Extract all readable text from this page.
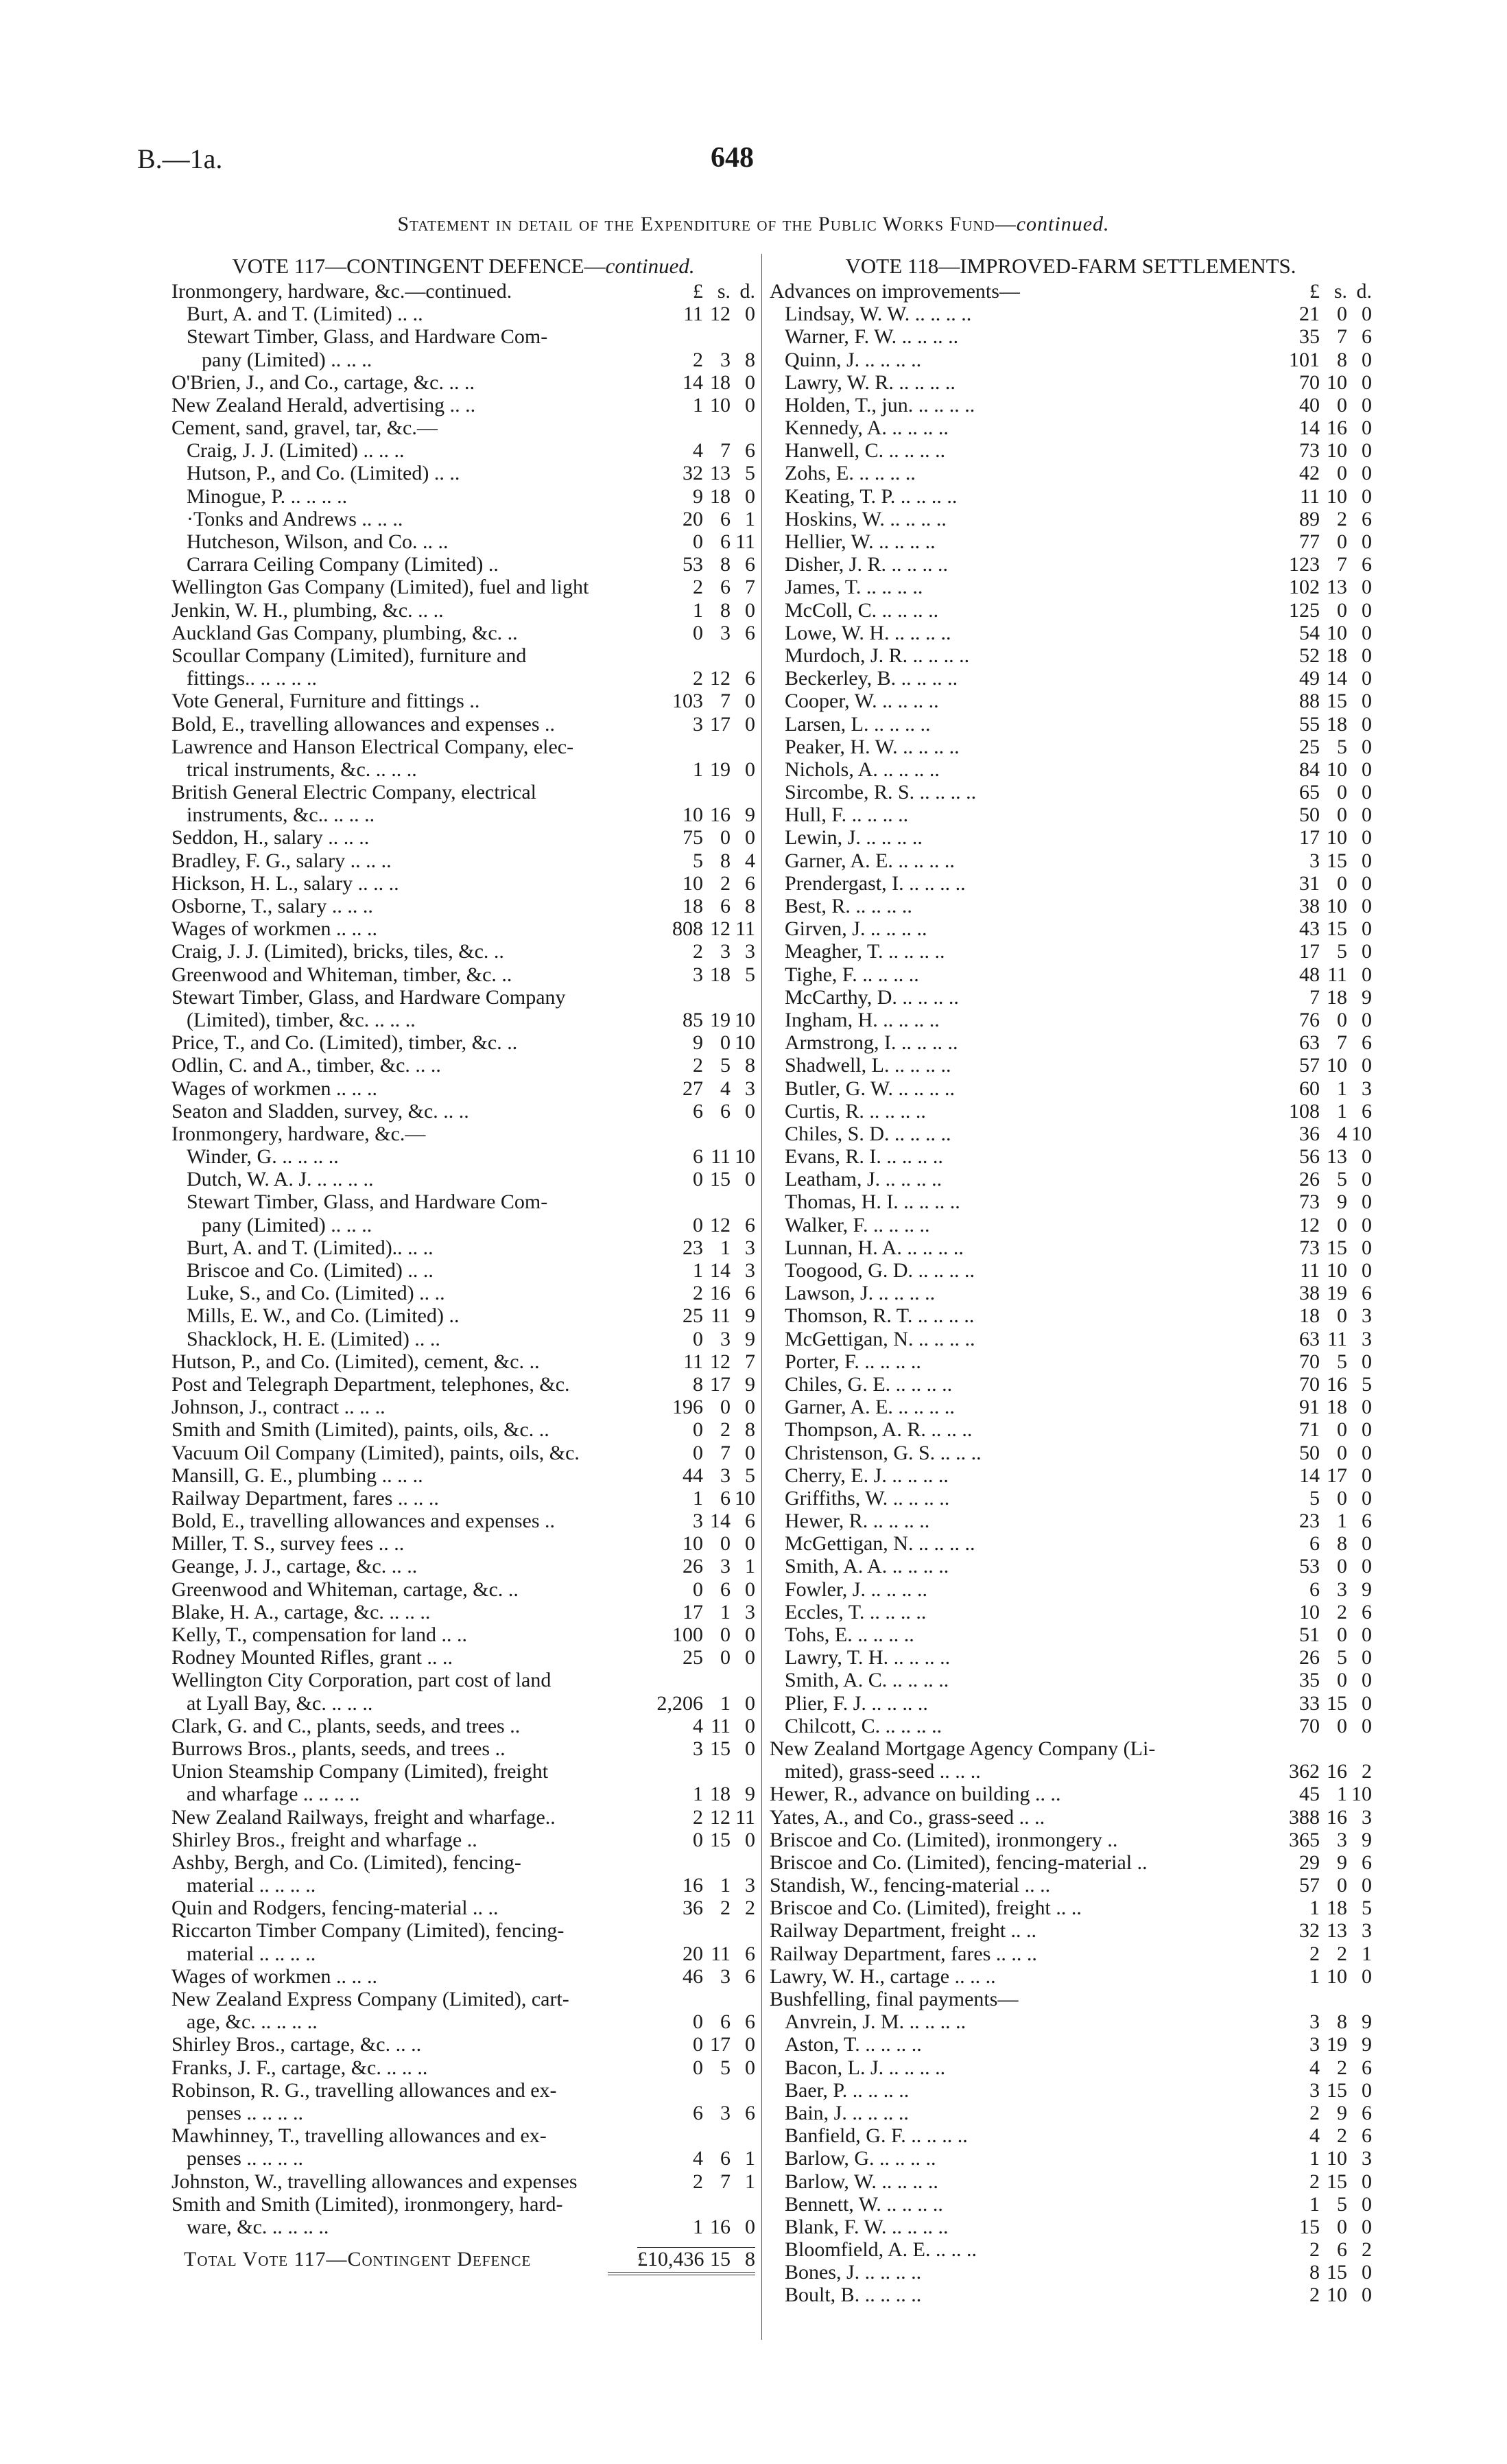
B.—1a.	648
Statement in detail of the Expenditure of the Public Works Fund—continued.
VOTE 117—CONTINGENT DEFENCE—continued.
Ironmongery, hardware, &c.—continued.	£ s. d.
Burt, A. and T. (Limited) .. ..	11 12 0
Stewart Timber, Glass, and Hardware Com-
pany (Limited) .. .. ..	2 3 8
O'Brien, J., and Co., cartage, &c. .. ..	14 18 0
New Zealand Herald, advertising .. ..	1 10 0
Cement, sand, gravel, tar, &c.—
Craig, J. J. (Limited) .. .. ..	4 7 6
Hutson, P., and Co. (Limited) .. ..	32 13 5
Minogue, P. .. .. .. ..	9 18 0
·Tonks and Andrews .. .. ..	20 6 1
Hutcheson, Wilson, and Co. .. ..	0 6 11
Carrara Ceiling Company (Limited) ..	53 8 6
Wellington Gas Company (Limited), fuel and light	2 6 7
Jenkin, W. H., plumbing, &c. .. ..	1 8 0
Auckland Gas Company, plumbing, &c. ..	0 3 6
Scoullar Company (Limited), furniture and
fittings.. .. .. .. ..	2 12 6
Vote General, Furniture and fittings ..	103 7 0
Bold, E., travelling allowances and expenses ..	3 17 0
Lawrence and Hanson Electrical Company, elec-
trical instruments, &c. .. .. ..	1 19 0
British General Electric Company, electrical
instruments, &c.. .. .. ..	10 16 9
Seddon, H., salary .. .. ..	75 0 0
Bradley, F. G., salary .. .. ..	5 8 4
Hickson, H. L., salary .. .. ..	10 2 6
Osborne, T., salary .. .. ..	18 6 8
Wages of workmen .. .. ..	808 12 11
Craig, J. J. (Limited), bricks, tiles, &c. ..	2 3 3
Greenwood and Whiteman, timber, &c. ..	3 18 5
Stewart Timber, Glass, and Hardware Company
(Limited), timber, &c. .. .. ..	85 19 10
Price, T., and Co. (Limited), timber, &c. ..	9 0 10
Odlin, C. and A., timber, &c. .. ..	2 5 8
Wages of workmen .. .. ..	27 4 3
Seaton and Sladden, survey, &c. .. ..	6 6 0
Ironmongery, hardware, &c.—
Winder, G. .. .. .. ..	6 11 10
Dutch, W. A. J. .. .. .. ..	0 15 0
Stewart Timber, Glass, and Hardware Com-
pany (Limited) .. .. ..	0 12 6
Burt, A. and T. (Limited).. .. ..	23 1 3
Briscoe and Co. (Limited) .. ..	1 14 3
Luke, S., and Co. (Limited) .. ..	2 16 6
Mills, E. W., and Co. (Limited) ..	25 11 9
Shacklock, H. E. (Limited) .. ..	0 3 9
Hutson, P., and Co. (Limited), cement, &c. ..	11 12 7
Post and Telegraph Department, telephones, &c.	8 17 9
Johnson, J., contract .. .. ..	196 0 0
Smith and Smith (Limited), paints, oils, &c. ..	0 2 8
Vacuum Oil Company (Limited), paints, oils, &c.	0 7 0
Mansill, G. E., plumbing .. .. ..	44 3 5
Railway Department, fares .. .. ..	1 6 10
Bold, E., travelling allowances and expenses ..	3 14 6
Miller, T. S., survey fees .. ..	10 0 0
Geange, J. J., cartage, &c. .. ..	26 3 1
Greenwood and Whiteman, cartage, &c. ..	0 6 0
Blake, H. A., cartage, &c. .. .. ..	17 1 3
Kelly, T., compensation for land .. ..	100 0 0
Rodney Mounted Rifles, grant .. ..	25 0 0
Wellington City Corporation, part cost of land
at Lyall Bay, &c. .. .. ..	2,206 1 0
Clark, G. and C., plants, seeds, and trees ..	4 11 0
Burrows Bros., plants, seeds, and trees ..	3 15 0
Union Steamship Company (Limited), freight
and wharfage .. .. .. ..	1 18 9
New Zealand Railways, freight and wharfage..	2 12 11
Shirley Bros., freight and wharfage ..	0 15 0
Ashby, Bergh, and Co. (Limited), fencing-
material .. .. .. ..	16 1 3
Quin and Rodgers, fencing-material .. ..	36 2 2
Riccarton Timber Company (Limited), fencing-
material .. .. .. ..	20 11 6
Wages of workmen .. .. ..	46 3 6
New Zealand Express Company (Limited), cart-
age, &c. .. .. .. ..	0 6 6
Shirley Bros., cartage, &c. .. ..	0 17 0
Franks, J. F., cartage, &c. .. .. ..	0 5 0
Robinson, R. G., travelling allowances and ex-
penses .. .. .. ..	6 3 6
Mawhinney, T., travelling allowances and ex-
penses .. .. .. ..	4 6 1
Johnston, W., travelling allowances and expenses	2 7 1
Smith and Smith (Limited), ironmongery, hard-
ware, &c. .. .. .. ..	1 16 0
Total Vote 117—Contingent Defence	£10,436 15 8
VOTE 118—IMPROVED-FARM SETTLEMENTS.
Advances on improvements—	£ s. d.
Lindsay, W. W. .. .. .. ..	21 0 0
Warner, F. W. .. .. .. ..	35 7 6
Quinn, J. .. .. .. ..	101 8 0
Lawry, W. R. .. .. .. ..	70 10 0
Holden, T., jun. .. .. .. ..	40 0 0
Kennedy, A. .. .. .. ..	14 16 0
Hanwell, C. .. .. .. ..	73 10 0
Zohs, E. .. .. .. ..	42 0 0
Keating, T. P. .. .. .. ..	11 10 0
Hoskins, W. .. .. .. ..	89 2 6
Hellier, W. .. .. .. ..	77 0 0
Disher, J. R. .. .. .. ..	123 7 6
James, T. .. .. .. ..	102 13 0
McColl, C. .. .. .. ..	125 0 0
Lowe, W. H. .. .. .. ..	54 10 0
Murdoch, J. R. .. .. .. ..	52 18 0
Beckerley, B. .. .. .. ..	49 14 0
Cooper, W. .. .. .. ..	88 15 0
Larsen, L. .. .. .. ..	55 18 0
Peaker, H. W. .. .. .. ..	25 5 0
Nichols, A. .. .. .. ..	84 10 0
Sircombe, R. S. .. .. .. ..	65 0 0
Hull, F. .. .. .. ..	50 0 0
Lewin, J. .. .. .. ..	17 10 0
Garner, A. E. .. .. .. ..	3 15 0
Prendergast, I. .. .. .. ..	31 0 0
Best, R. .. .. .. ..	38 10 0
Girven, J. .. .. .. ..	43 15 0
Meagher, T. .. .. .. ..	17 5 0
Tighe, F. .. .. .. ..	48 11 0
McCarthy, D. .. .. .. ..	7 18 9
Ingham, H. .. .. .. ..	76 0 0
Armstrong, I. .. .. .. ..	63 7 6
Shadwell, L. .. .. .. ..	57 10 0
Butler, G. W. .. .. .. ..	60 1 3
Curtis, R. .. .. .. ..	108 1 6
Chiles, S. D. .. .. .. ..	36 4 10
Evans, R. I. .. .. .. ..	56 13 0
Leatham, J. .. .. .. ..	26 5 0
Thomas, H. I. .. .. .. ..	73 9 0
Walker, F. .. .. .. ..	12 0 0
Lunnan, H. A. .. .. .. ..	73 15 0
Toogood, G. D. .. .. .. ..	11 10 0
Lawson, J. .. .. .. ..	38 19 6
Thomson, R. T. .. .. .. ..	18 0 3
McGettigan, N. .. .. .. ..	63 11 3
Porter, F. .. .. .. ..	70 5 0
Chiles, G. E. .. .. .. ..	70 16 5
Garner, A. E. .. .. .. ..	91 18 0
Thompson, A. R. .. .. ..	71 0 0
Christenson, G. S. .. .. ..	50 0 0
Cherry, E. J. .. .. .. ..	14 17 0
Griffiths, W. .. .. .. ..	5 0 0
Hewer, R. .. .. .. ..	23 1 6
McGettigan, N. .. .. .. ..	6 8 0
Smith, A. A. .. .. .. ..	53 0 0
Fowler, J. .. .. .. ..	6 3 9
Eccles, T. .. .. .. ..	10 2 6
Tohs, E. .. .. .. ..	51 0 0
Lawry, T. H. .. .. .. ..	26 5 0
Smith, A. C. .. .. .. ..	35 0 0
Plier, F. J. .. .. .. ..	33 15 0
Chilcott, C. .. .. .. ..	70 0 0
New Zealand Mortgage Agency Company (Li-
mited), grass-seed .. .. ..	362 16 2
Hewer, R., advance on building .. ..	45 1 10
Yates, A., and Co., grass-seed .. ..	388 16 3
Briscoe and Co. (Limited), ironmongery ..	365 3 9
Briscoe and Co. (Limited), fencing-material ..	29 9 6
Standish, W., fencing-material .. ..	57 0 0
Briscoe and Co. (Limited), freight .. ..	1 18 5
Railway Department, freight .. ..	32 13 3
Railway Department, fares .. .. ..	2 2 1
Lawry, W. H., cartage .. .. ..	1 10 0
Bushfelling, final payments—
Anvrein, J. M. .. .. .. ..	3 8 9
Aston, T. .. .. .. ..	3 19 9
Bacon, L. J. .. .. .. ..	4 2 6
Baer, P. .. .. .. ..	3 15 0
Bain, J. .. .. .. ..	2 9 6
Banfield, G. F. .. .. .. ..	4 2 6
Barlow, G. .. .. .. ..	1 10 3
Barlow, W. .. .. .. ..	2 15 0
Bennett, W. .. .. .. ..	1 5 0
Blank, F. W. .. .. .. ..	15 0 0
Bloomfield, A. E. .. .. ..	2 6 2
Bones, J. .. .. .. ..	8 15 0
Boult, B. .. .. .. ..	2 10 0
